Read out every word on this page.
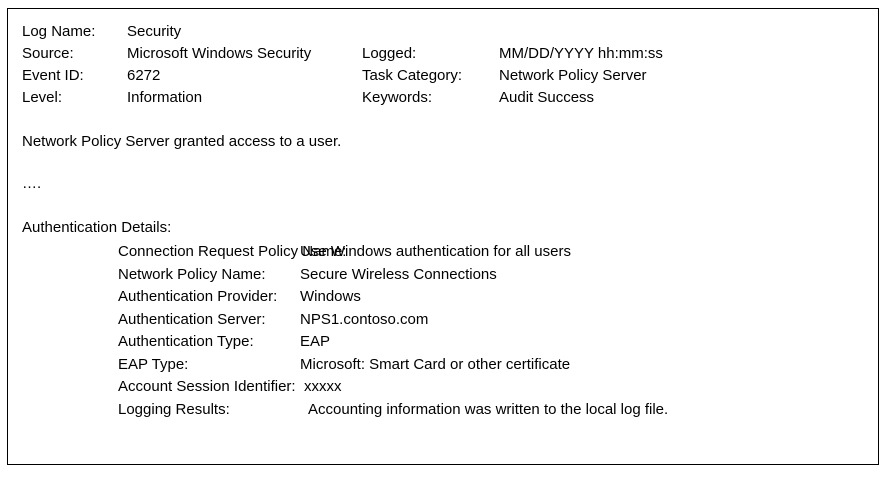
Log Name:	Security
Source:	Microsoft Windows Security	Logged:	MM/DD/YYYY hh:mm:ss
Event ID:	6272	Task Category:	Network Policy Server
Level:	Information	Keywords:	Audit Success
Network Policy Server granted access to a user.
….
Authentication Details:
Connection Request Policy Name:
Use Windows authentication for all users
Network Policy Name:	Secure Wireless Connections
Authentication Provider:	Windows
Authentication Server:	NPS1.contoso.com
Authentication Type:	EAP
EAP Type:	Microsoft: Smart Card or other certificate
Account Session Identifier: xxxxx
Logging Results:	Accounting information was written to the local log file.
